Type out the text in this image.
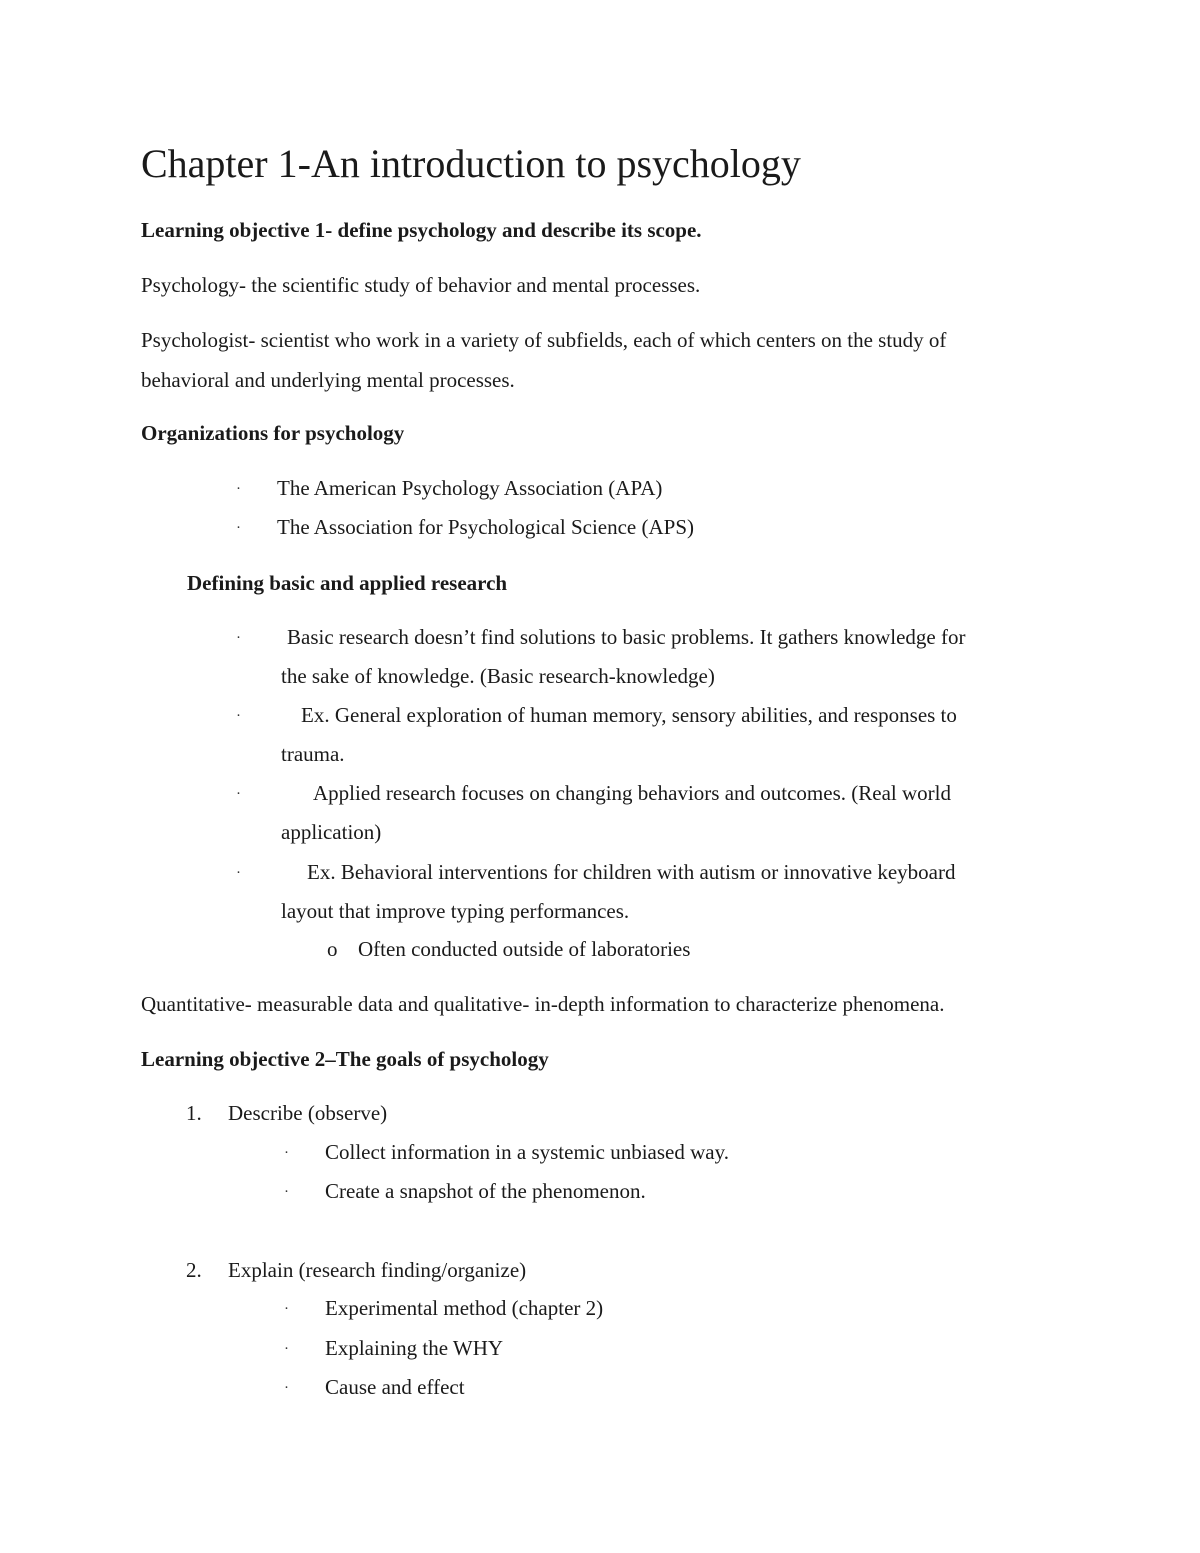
Chapter 1-An introduction to psychology
Learning objective 1- define psychology and describe its scope.
Psychology- the scientific study of behavior and mental processes.
Psychologist- scientist who work in a variety of subfields, each of which centers on the study of
behavioral and underlying mental processes.
Organizations for psychology
· The American Psychology Association (APA)
· The Association for Psychological Science (APS)
Defining basic and applied research
· Basic research doesn’t find solutions to basic problems. It gathers knowledge for
the sake of knowledge. (Basic research-knowledge)
·	Ex. General exploration of human memory, sensory abilities, and responses to
trauma.
·	Applied research focuses on changing behaviors and outcomes. (Real world
application)
·	Ex. Behavioral interventions for children with autism or innovative keyboard
layout that improve typing performances.
o Often conducted outside of laboratories
Quantitative- measurable data and qualitative- in-depth information to characterize phenomena.
Learning objective 2–The goals of psychology
1. Describe (observe)
· Collect information in a systemic unbiased way.
· Create a snapshot of the phenomenon.
2. Explain (research finding/organize)
· Experimental method (chapter 2)
· Explaining the WHY
· Cause and effect
